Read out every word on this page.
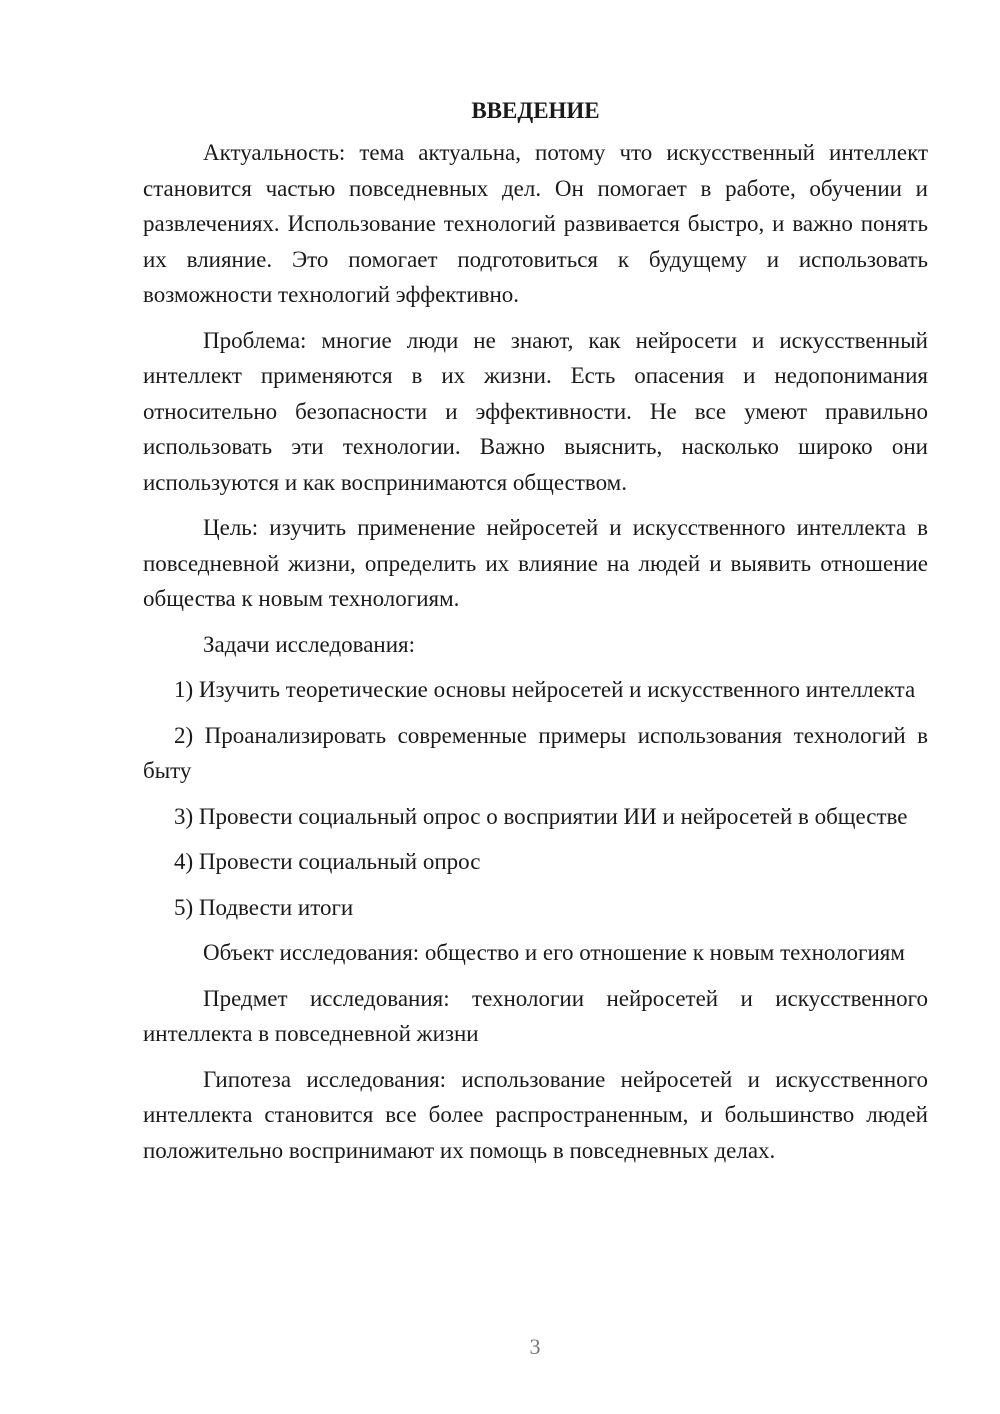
ВВЕДЕНИЕ

Актуальность: тема актуальна, потому что искусственный интеллект становится частью повседневных дел. Он помогает в работе, обучении и развлечениях. Использование технологий развивается быстро, и важно понять их влияние. Это помогает подготовиться к будущему и использовать возможности технологий эффективно.

Проблема: многие люди не знают, как нейросети и искусственный интеллект применяются в их жизни. Есть опасения и недопонимания относительно безопасности и эффективности. Не все умеют правильно использовать эти технологии. Важно выяснить, насколько широко они используются и как воспринимаются обществом.

Цель: изучить применение нейросетей и искусственного интеллекта в повседневной жизни, определить их влияние на людей и выявить отношение общества к новым технологиям.

Задачи исследования:

1) Изучить теоретические основы нейросетей и искусственного интеллекта

2) Проанализировать современные примеры использования технологий в быту

3) Провести социальный опрос о восприятии ИИ и нейросетей в обществе

4) Провести социальный опрос

5) Подвести итоги

Объект исследования: общество и его отношение к новым технологиям

Предмет исследования: технологии нейросетей и искусственного интеллекта в повседневной жизни

Гипотеза исследования: использование нейросетей и искусственного интеллекта становится все более распространенным, и большинство людей положительно воспринимают их помощь в повседневных делах.

3
